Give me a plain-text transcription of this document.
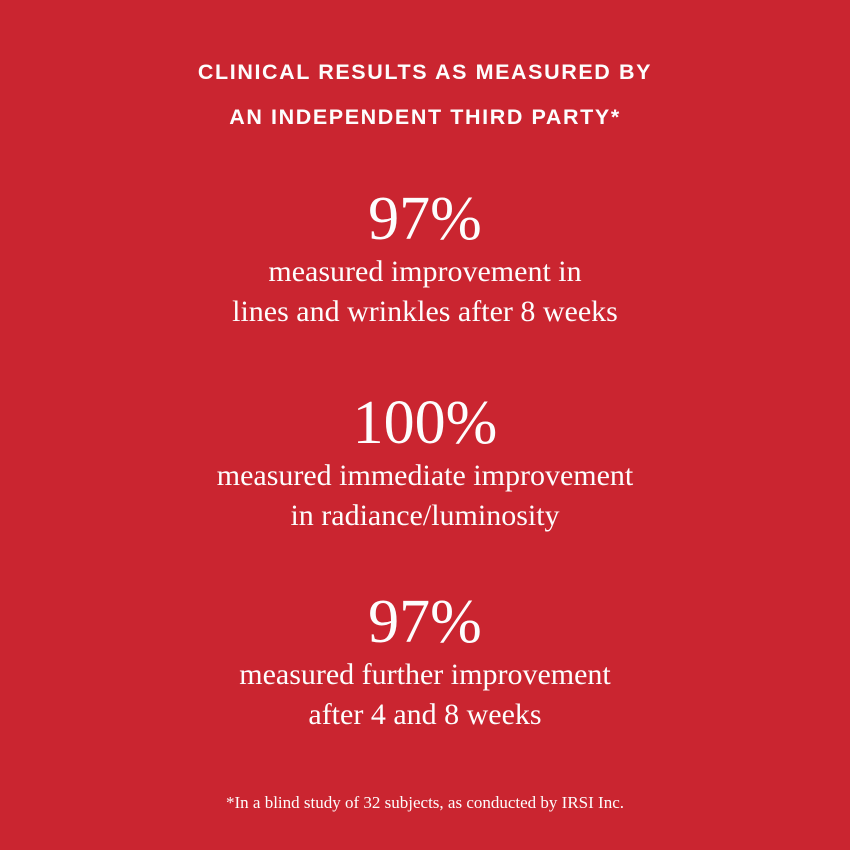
CLINICAL RESULTS AS MEASURED BY
AN INDEPENDENT THIRD PARTY*
97%
measured improvement in
lines and wrinkles after 8 weeks
100%
measured immediate improvement
in radiance/luminosity
97%
measured further improvement
after 4 and 8 weeks
*In a blind study of 32 subjects, as conducted by IRSI Inc.
